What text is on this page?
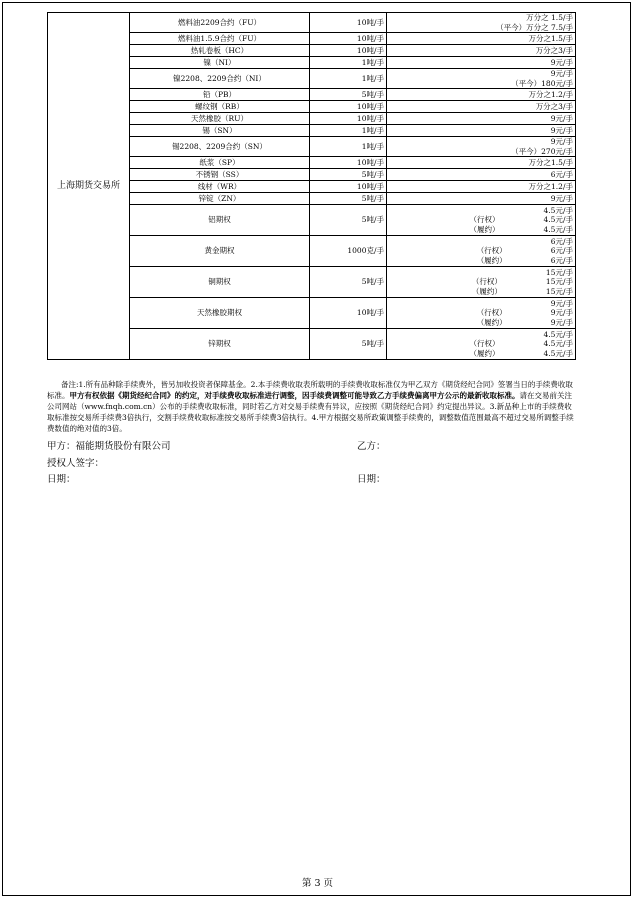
上海期货交易所	燃料油2209合约（FU）	10吨/手	万分之 1.5/手
（平今） 万分之 7.5/手

	燃料油1.5.9合约（FU）	10吨/手	万分之1.5/手

	热轧卷板（HC）	10吨/手	万分之3/手

	镍（NI）	1吨/手	9元/手

	镍2208、2209合约（NI）	1吨/手	9元/手
（平今） 180元/手

	铅（PB）	5吨/手	万分之1.2/手

	螺纹钢（RB）	10吨/手	万分之3/手

	天然橡胶（RU）	10吨/手	9元/手

	锡（SN）	1吨/手	9元/手

	锡2208、2209合约（SN）	1吨/手	9元/手
（平今） 270元/手

	纸浆（SP）	10吨/手	万分之1.5/手

	不锈钢（SS）	5吨/手	6元/手

	线材（WR）	10吨/手	万分之1.2/手

	锌锭（ZN）	5吨/手	9元/手

	铝期权	5吨/手	4.5元/手
（行权） 4.5元/手
（履约） 4.5元/手

	黄金期权	1000克/手	6元/手
（行权） 6元/手
（履约） 6元/手

	铜期权	5吨/手	15元/手
（行权） 15元/手
（履约） 15元/手

	天然橡胶期权	10吨/手	9元/手
（行权） 9元/手
（履约） 9元/手

	锌期权	5吨/手	4.5元/手
（行权） 4.5元/手
（履约） 4.5元/手
备注:1.所有品种除手续费外，皆另加收投资者保障基金。2.本手续费收取表所载明的手续费收取标准仅为甲乙双方《期货经纪合同》签署当日的手续费收取标准。甲方有权依据《期货经纪合同》的约定，对手续费收取标准进行调整，因手续费调整可能导致乙方手续费偏离甲方公示的最新收取标准。请在交易前关注公司网站（www.fnqh.com.cn）公布的手续费收取标准，同时若乙方对交易手续费有异议，应按照《期货经纪合同》约定提出异议。3.新品种上市的手续费收取标准按交易所手续费3倍执行，交割手续费收取标准按交易所手续费3倍执行。4.甲方根据交易所政策调整手续费的，调整数值范围最高不超过交易所调整手续费数值的绝对值的3倍。
甲方：福能期货股份有限公司	乙方：
授权人签字：
日期：	日期：
第 3 页
